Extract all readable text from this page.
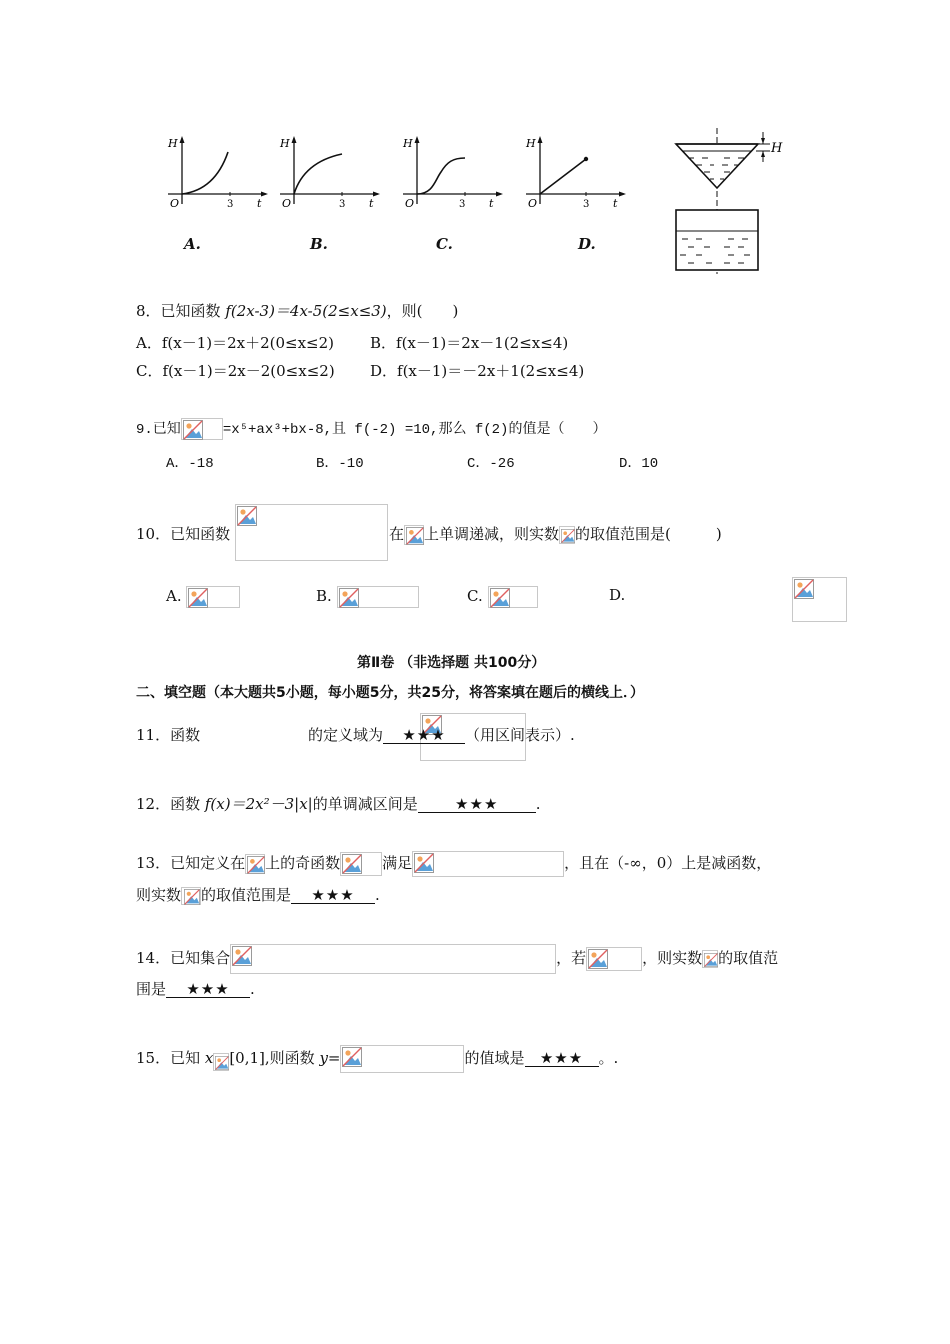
H
O	3 t
H
O	3 t
H
O	3 t
H
O	3 t
A.	B.	C.	D.
H
8．已知函数 f(2x-3)＝4x-5(2≤x≤3)，则(　　)
A．f(x－1)＝2x＋2(0≤x≤2) B．f(x－1)＝2x－1(2≤x≤4)
C．f(x－1)＝2x－2(0≤x≤2) D．f(x－1)＝－2x＋1(2≤x≤4)
9.已知	=x⁵+ax³+bx-8,且 f(-2) =10,那么 f(2)的值是（　　）
A．-18	B．-10	C．-26	D．10
10．已知函数
	在 上单调递减，则实数 的取值范围是(　　　)
A.	B.	C.	D.

第Ⅱ卷 （非选择题 共100分）
二、填空题（本大题共5小题，每小题5分，共25分，将答案填在题后的横线上．）
11．函数	的定义域为 ★★★ （用区间表示）.
12．函数 f(x)＝2x²－3|x|的单调减区间是 ★★★ .
13．已知定义在 上的奇函数	满足	，且在（-∞，0）上是减函数，
则实数 的取值范围是 ★★★ .
14．已知集合	，若	，则实数 的取值范
围是 ★★★ .
15．已知 x [0,1],则函数 y=	的值域是 ★★★ 。.
